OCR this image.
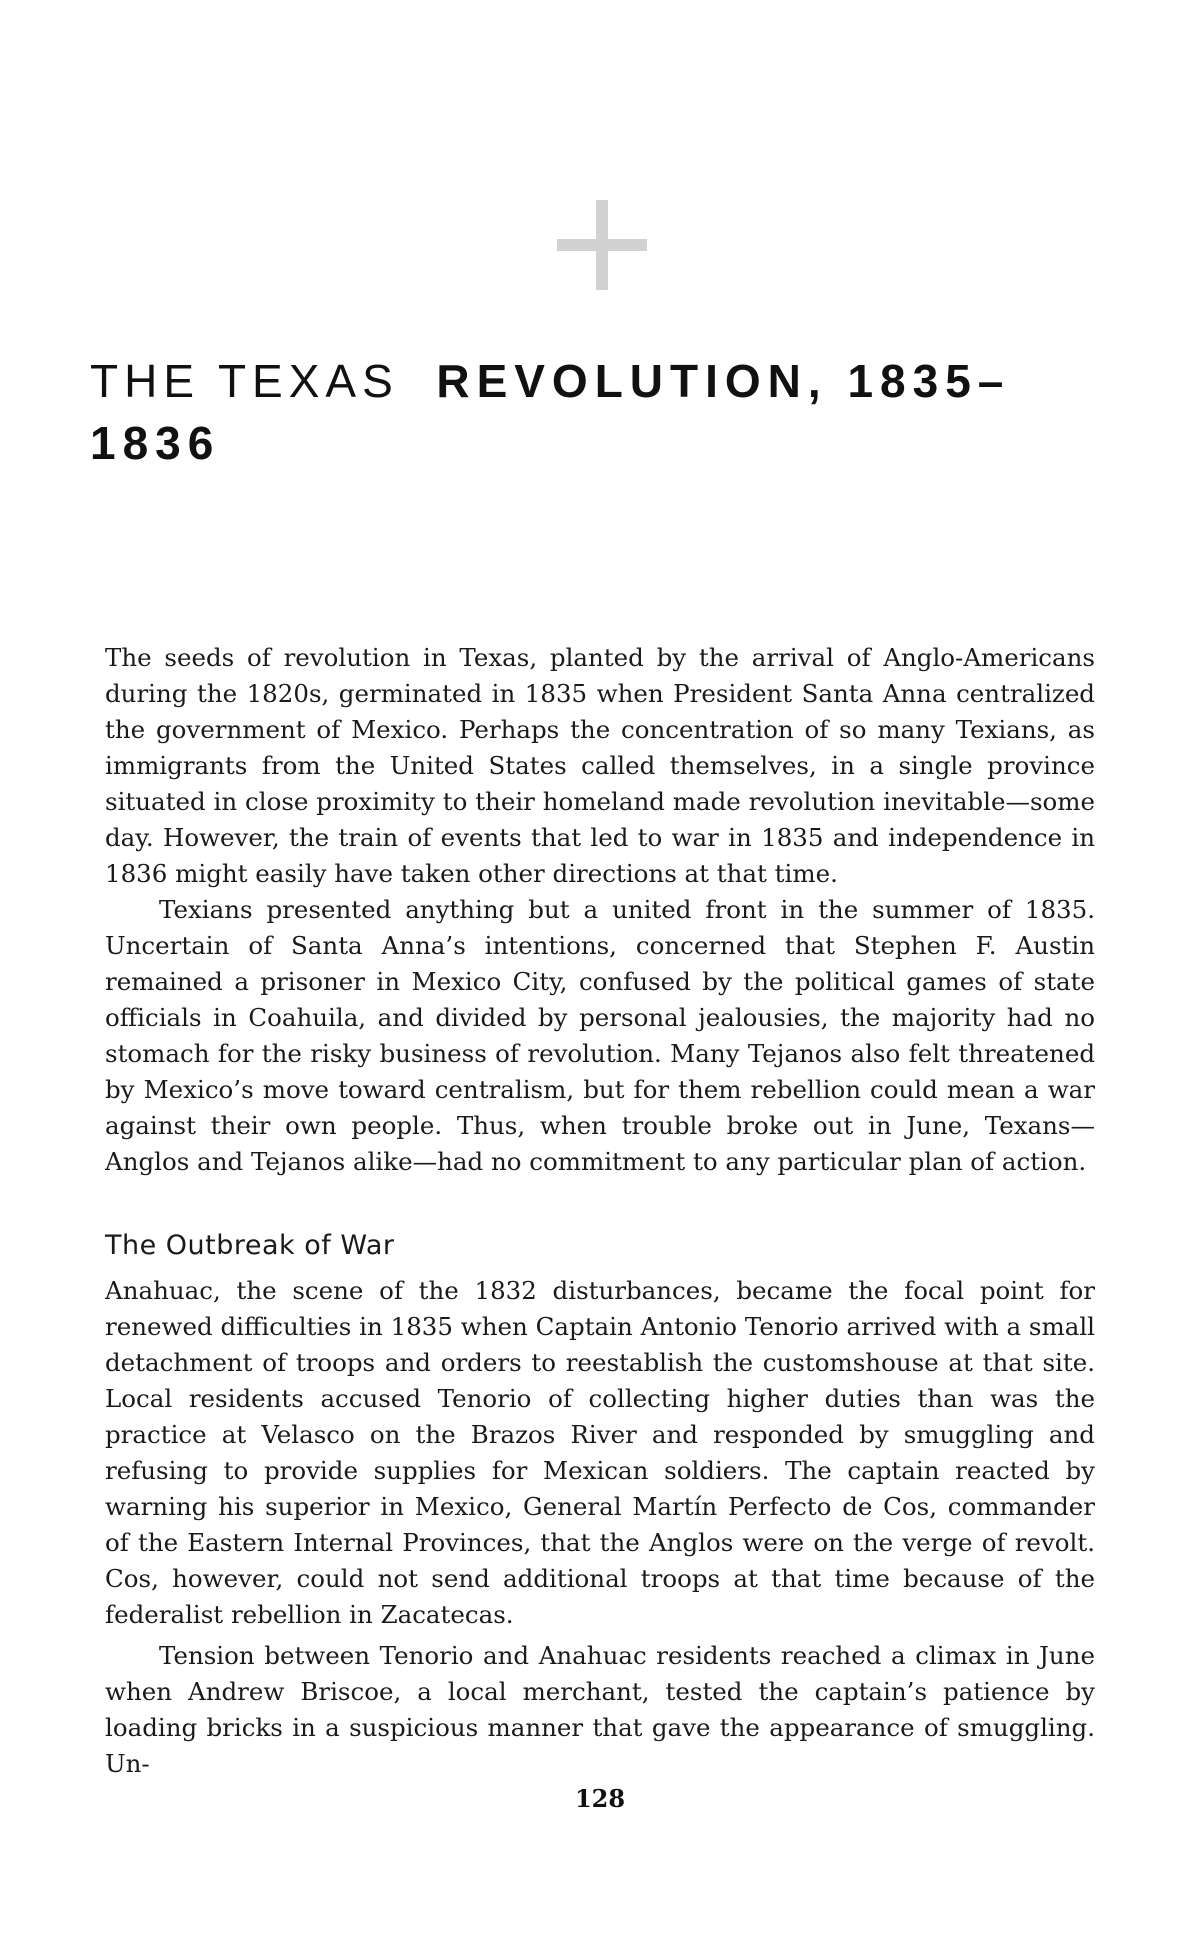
THE TEXAS REVOLUTION, 1835–1836

The seeds of revolution in Texas, planted by the arrival of Anglo-Americans during the 1820s, germinated in 1835 when President Santa Anna centralized the government of Mexico. Perhaps the concentration of so many Texians, as immigrants from the United States called themselves, in a single province situated in close proximity to their homeland made revolution inevitable—some day. However, the train of events that led to war in 1835 and independence in 1836 might easily have taken other directions at that time.

Texians presented anything but a united front in the summer of 1835. Uncertain of Santa Anna’s intentions, concerned that Stephen F. Austin remained a prisoner in Mexico City, confused by the political games of state officials in Coahuila, and divided by personal jealousies, the majority had no stomach for the risky business of revolution. Many Tejanos also felt threatened by Mexico’s move toward centralism, but for them rebellion could mean a war against their own people. Thus, when trouble broke out in June, Texans—Anglos and Tejanos alike—had no commitment to any particular plan of action.

The Outbreak of War

Anahuac, the scene of the 1832 disturbances, became the focal point for renewed difficulties in 1835 when Captain Antonio Tenorio arrived with a small detachment of troops and orders to reestablish the customshouse at that site. Local residents accused Tenorio of collecting higher duties than was the practice at Velasco on the Brazos River and responded by smuggling and refusing to provide supplies for Mexican soldiers. The captain reacted by warning his superior in Mexico, General Martín Perfecto de Cos, commander of the Eastern Internal Provinces, that the Anglos were on the verge of revolt. Cos, however, could not send additional troops at that time because of the federalist rebellion in Zacatecas.

Tension between Tenorio and Anahuac residents reached a climax in June when Andrew Briscoe, a local merchant, tested the captain’s patience by loading bricks in a suspicious manner that gave the appearance of smuggling. Un-

128
